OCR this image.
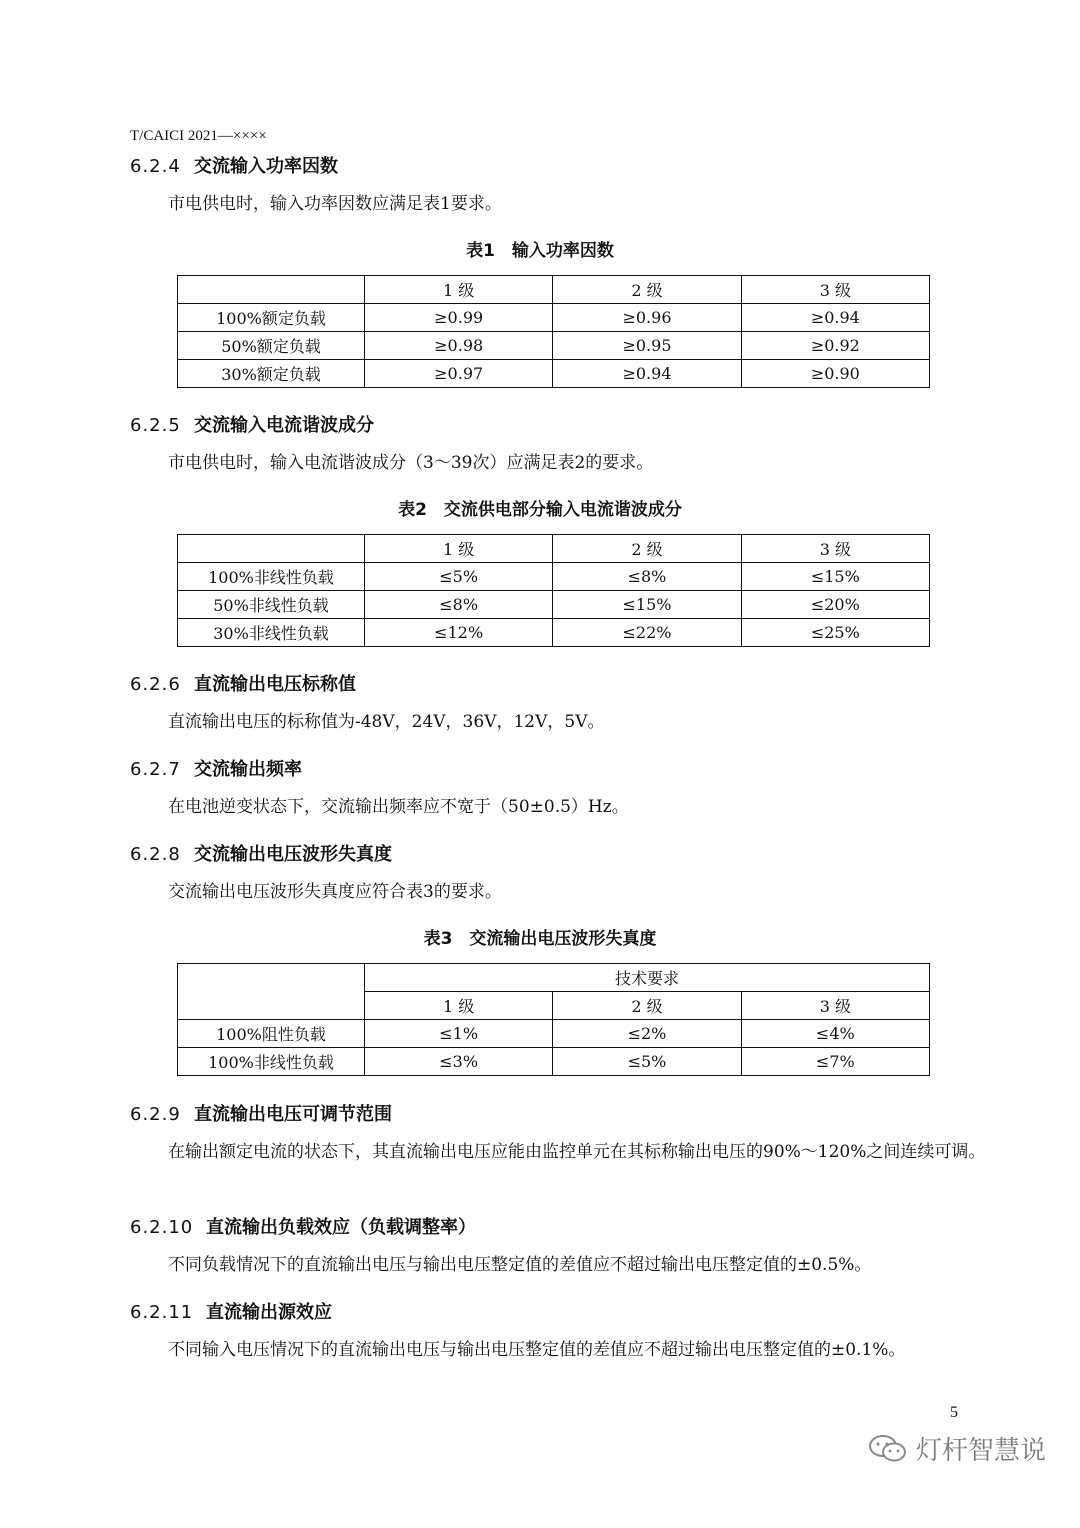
T/CAICI 2021—××××
6.2.4 交流输入功率因数
市电供电时，输入功率因数应满足表1要求。
表1　输入功率因数
	1 级	2 级	3 级
100%额定负载	≥0.99	≥0.96	≥0.94
50%额定负载	≥0.98	≥0.95	≥0.92
30%额定负载	≥0.97	≥0.94	≥0.90
6.2.5 交流输入电流谐波成分
市电供电时，输入电流谐波成分（3～39次）应满足表2的要求。
表2　交流供电部分输入电流谐波成分
	1 级	2 级	3 级
100%非线性负载	≤5%	≤8%	≤15%
50%非线性负载	≤8%	≤15%	≤20%
30%非线性负载	≤12%	≤22%	≤25%
6.2.6 直流输出电压标称值
直流输出电压的标称值为-48V，24V，36V，12V，5V。
6.2.7 交流输出频率
在电池逆变状态下，交流输出频率应不宽于（50±0.5）Hz。
6.2.8 交流输出电压波形失真度
交流输出电压波形失真度应符合表3的要求。
表3　交流输出电压波形失真度
	技术要求		
	1 级	2 级	3 级
100%阻性负载	≤1%	≤2%	≤4%
100%非线性负载	≤3%	≤5%	≤7%
6.2.9 直流输出电压可调节范围
在输出额定电流的状态下，其直流输出电压应能由监控单元在其标称输出电压的90%～120%之间连续可调。
6.2.10 直流输出负载效应（负载调整率）
不同负载情况下的直流输出电压与输出电压整定值的差值应不超过输出电压整定值的±0.5%。
6.2.11 直流输出源效应
不同输入电压情况下的直流输出电压与输出电压整定值的差值应不超过输出电压整定值的±0.1%。
5
灯杆智慧说
